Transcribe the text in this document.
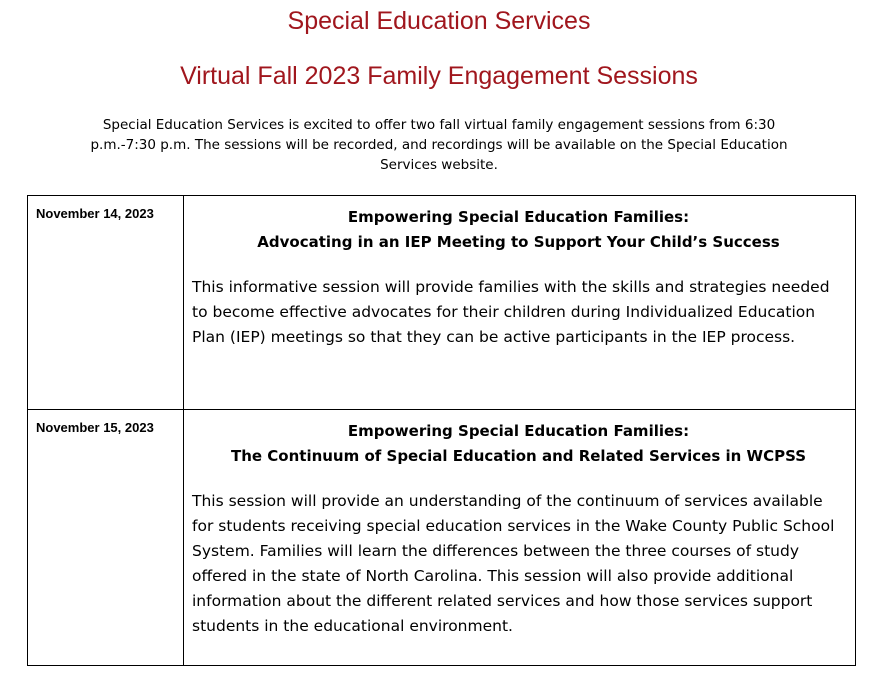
Special Education Services
Virtual Fall 2023 Family Engagement Sessions

Special Education Services is excited to offer two fall virtual family engagement sessions from 6:30 p.m.-7:30 p.m. The sessions will be recorded, and recordings will be available on the Special Education Services website.

November 14, 2023	Empowering Special Education Families:
Advocating in an IEP Meeting to Support Your Child’s Success

This informative session will provide families with the skills and strategies needed to become effective advocates for their children during Individualized Education Plan (IEP) meetings so that they can be active participants in the IEP process.

November 15, 2023	Empowering Special Education Families:
The Continuum of Special Education and Related Services in WCPSS

This session will provide an understanding of the continuum of services available for students receiving special education services in the Wake County Public School System. Families will learn the differences between the three courses of study offered in the state of North Carolina. This session will also provide additional information about the different related services and how those services support students in the educational environment.
